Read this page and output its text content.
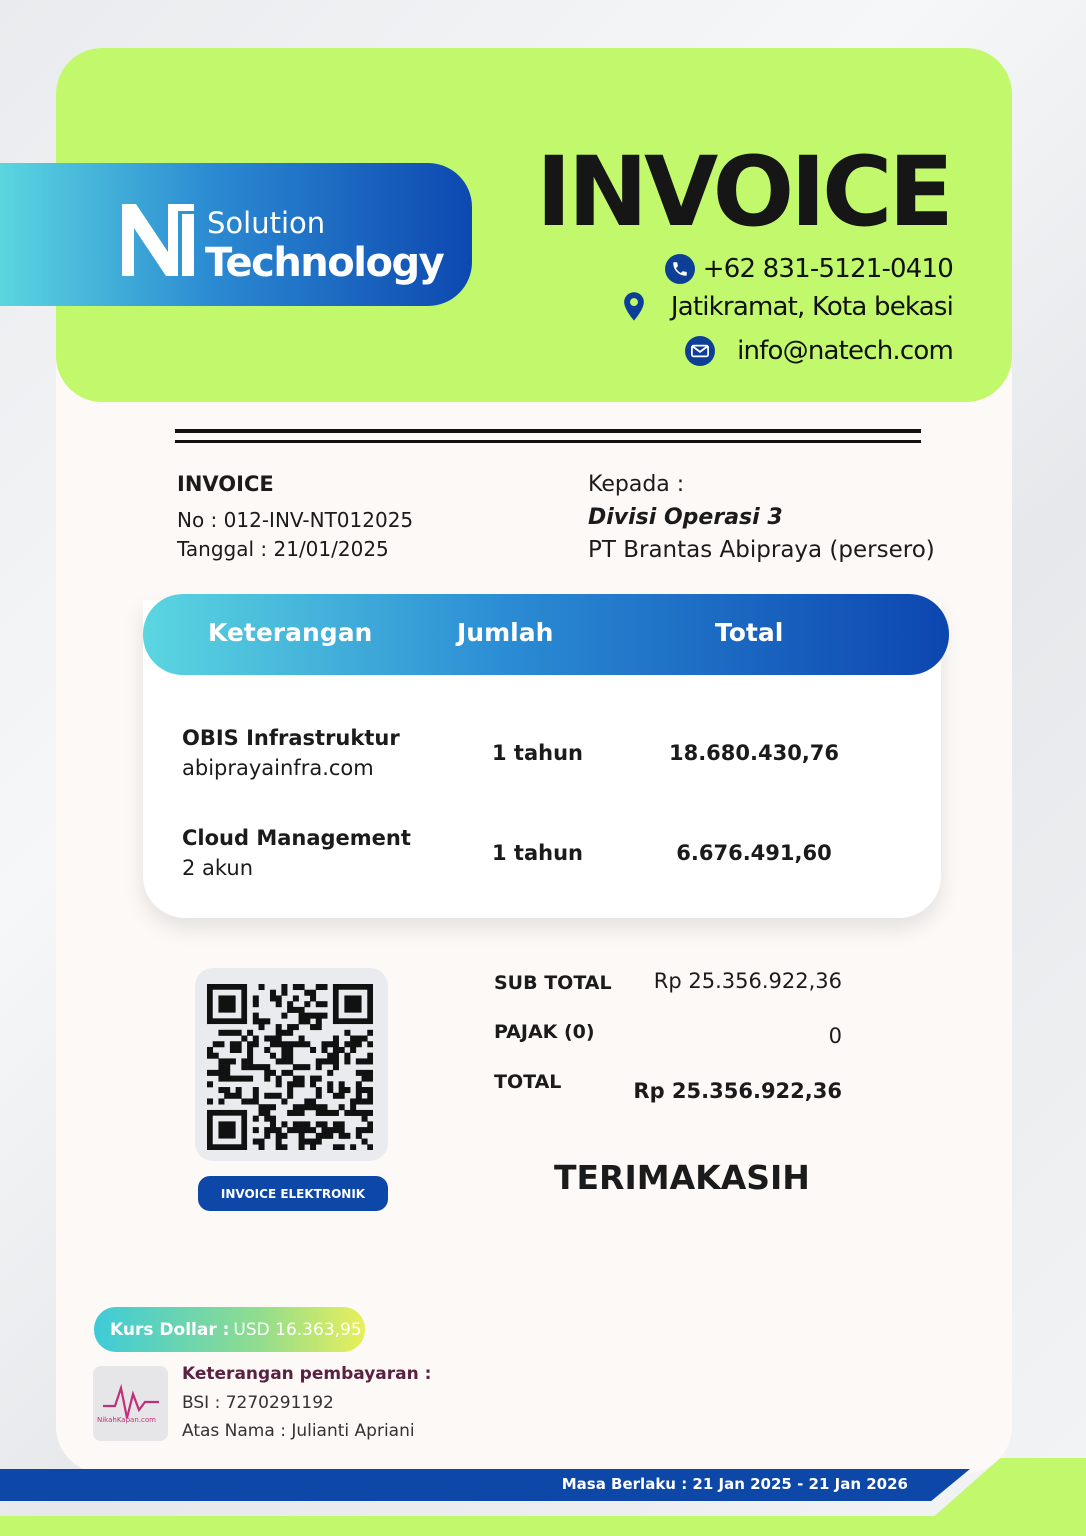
Solution
Technology
INVOICE
+62 831-5121-0410
Jatikramat, Kota bekasi
info@natech.com
INVOICE
No : 012-INV-NT012025
Tanggal : 21/01/2025
Kepada :
Divisi Operasi 3
PT Brantas Abipraya (persero)
Keterangan	Jumlah	Total
OBIS Infrastruktur
abiprayainfra.com
1 tahun	18.680.430,76
Cloud Management
2 akun
1 tahun	6.676.491,60
INVOICE ELEKTRONIK
SUB TOTAL Rp 25.356.922,36
PAJAK (0)	0
TOTAL	Rp 25.356.922,36
TERIMAKASIH
Kurs Dollar : USD 16.363,95
NikahKapan.com
Keterangan pembayaran :
BSI : 7270291192
Atas Nama : Julianti Apriani
Masa Berlaku : 21 Jan 2025 - 21 Jan 2026
